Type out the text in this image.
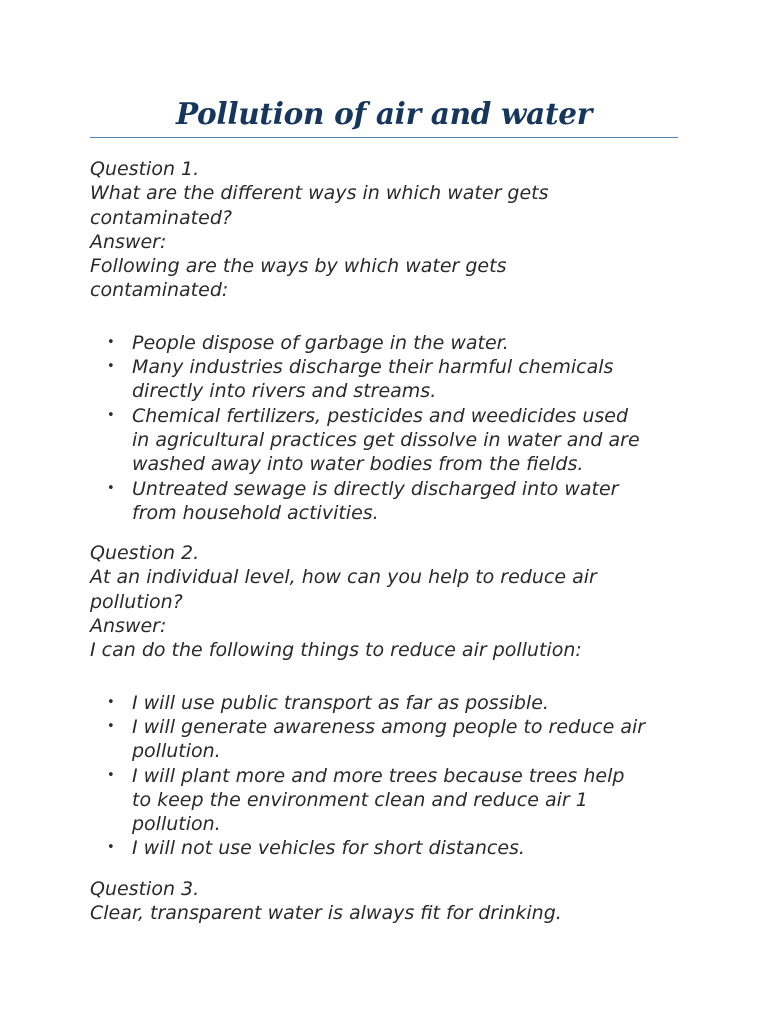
Pollution of air and water
Question 1.
What are the different ways in which water gets
contaminated?
Answer:
Following are the ways by which water gets
contaminated:
• People dispose of garbage in the water.
• Many industries discharge their harmful chemicals
directly into rivers and streams.
• Chemical fertilizers, pesticides and weedicides used
in agricultural practices get dissolve in water and are
washed away into water bodies from the fields.
• Untreated sewage is directly discharged into water
from household activities.
Question 2.
At an individual level, how can you help to reduce air
pollution?
Answer:
I can do the following things to reduce air pollution:
• I will use public transport as far as possible.
• I will generate awareness among people to reduce air
pollution.
• I will plant more and more trees because trees help
to keep the environment clean and reduce air 1
pollution.
• I will not use vehicles for short distances.
Question 3.
Clear, transparent water is always fit for drinking.
